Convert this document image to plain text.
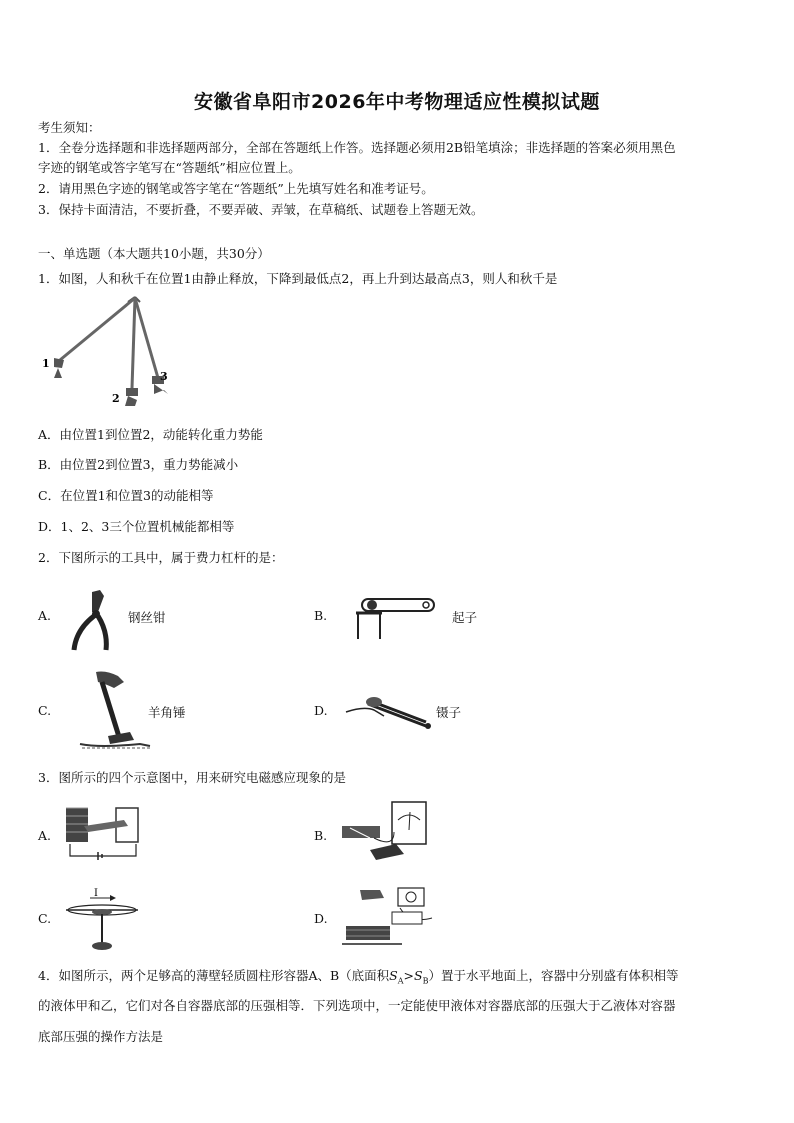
安徽省阜阳市2026年中考物理适应性模拟试题
考生须知：
1．全卷分选择题和非选择题两部分，全部在答题纸上作答。选择题必须用2B铅笔填涂；非选择题的答案必须用黑色
字迹的钢笔或答字笔写在“答题纸”相应位置上。
2．请用黑色字迹的钢笔或答字笔在“答题纸”上先填写姓名和准考证号。
3．保持卡面清洁，不要折叠，不要弄破、弄皱，在草稿纸、试题卷上答题无效。
一、单选题（本大题共10小题，共30分）
1．如图，人和秋千在位置1由静止释放，下降到最低点2，再上升到达最高点3，则人和秋千是
1
2
3
A．由位置1到位置2，动能转化重力势能
B．由位置2到位置3，重力势能减小
C．在位置1和位置3的动能相等
D．1、2、3三个位置机械能都相等
2．下图所示的工具中，属于费力杠杆的是：
A.	钢丝钳	B.	起子
C.	羊角锤	D.	镊子
3．图所示的四个示意图中，用来研究电磁感应现象的是
A.	B.
C.
I
D.
4．如图所示，两个足够高的薄壁轻质圆柱形容器A、B（底面积$S_A>S_B$）置于水平地面上，容器中分别盛有体积相等
的液体甲和乙，它们对各自容器底部的压强相等．下列选项中，一定能使甲液体对容器底部的压强大于乙液体对容器
底部压强的操作方法是
